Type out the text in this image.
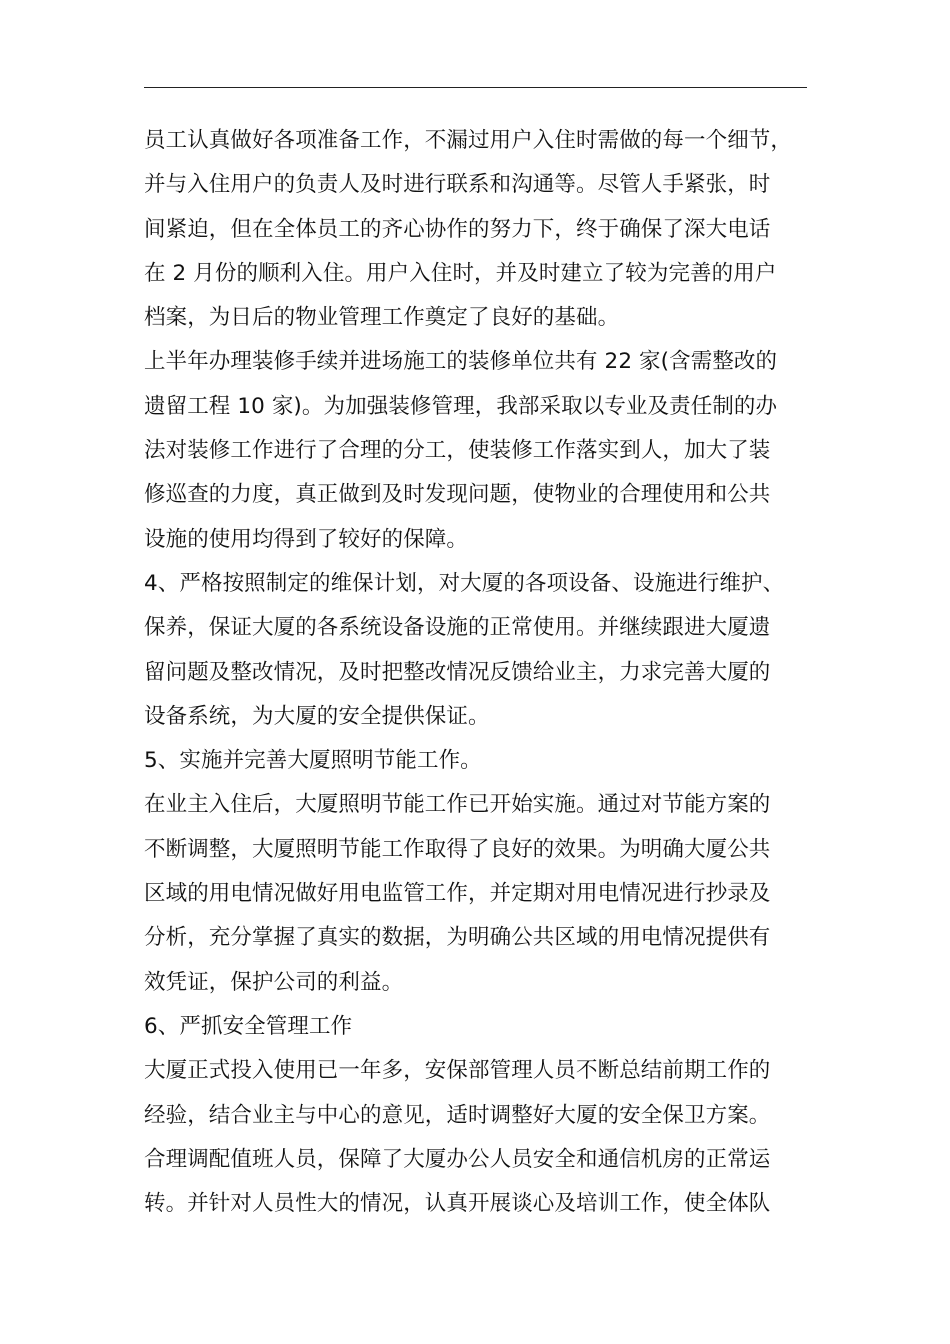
员工认真做好各项准备工作，不漏过用户入住时需做的每一个细节，
并与入住用户的负责人及时进行联系和沟通等。尽管人手紧张，时
间紧迫，但在全体员工的齐心协作的努力下，终于确保了深大电话
在 2 月份的顺利入住。用户入住时，并及时建立了较为完善的用户
档案，为日后的物业管理工作奠定了良好的基础。
上半年办理装修手续并进场施工的装修单位共有 22 家(含需整改的
遗留工程 10 家)。为加强装修管理，我部采取以专业及责任制的办
法对装修工作进行了合理的分工，使装修工作落实到人，加大了装
修巡查的力度，真正做到及时发现问题，使物业的合理使用和公共
设施的使用均得到了较好的保障。
4、严格按照制定的维保计划，对大厦的各项设备、设施进行维护、
保养，保证大厦的各系统设备设施的正常使用。并继续跟进大厦遗
留问题及整改情况，及时把整改情况反馈给业主，力求完善大厦的
设备系统，为大厦的安全提供保证。
5、实施并完善大厦照明节能工作。
在业主入住后，大厦照明节能工作已开始实施。通过对节能方案的
不断调整，大厦照明节能工作取得了良好的效果。为明确大厦公共
区域的用电情况做好用电监管工作，并定期对用电情况进行抄录及
分析，充分掌握了真实的数据，为明确公共区域的用电情况提供有
效凭证，保护公司的利益。
6、严抓安全管理工作
大厦正式投入使用已一年多，安保部管理人员不断总结前期工作的
经验，结合业主与中心的意见，适时调整好大厦的安全保卫方案。
合理调配值班人员，保障了大厦办公人员安全和通信机房的正常运
转。并针对人员性大的情况，认真开展谈心及培训工作，使全体队
